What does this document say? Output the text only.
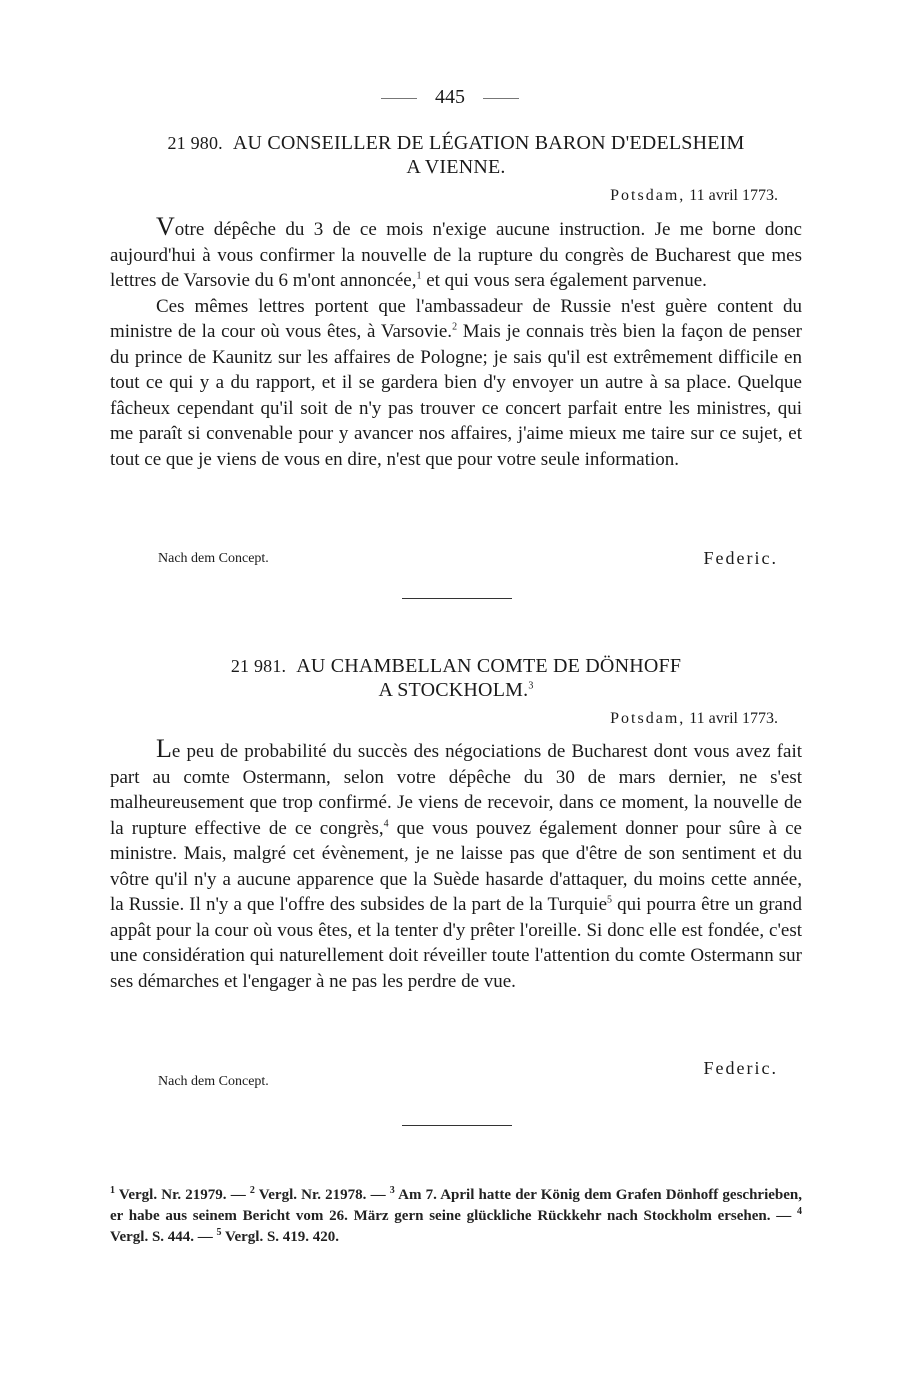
445
21 980. AU CONSEILLER DE LÉGATION BARON D'EDELSHEIM
A VIENNE.
Potsdam, 11 avril 1773.

Votre dépêche du 3 de ce mois n'exige aucune instruction. Je me borne donc aujourd'hui à vous confirmer la nouvelle de la rupture du congrès de Bucharest que mes lettres de Varsovie du 6 m'ont annoncée,$^1$ et qui vous sera également parvenue.

Ces mêmes lettres portent que l'ambassadeur de Russie n'est guère content du ministre de la cour où vous êtes, à Varsovie.$^2$ Mais je connais très bien la façon de penser du prince de Kaunitz sur les affaires de Pologne; je sais qu'il est extrêmement difficile en tout ce qui y a du rapport, et il se gardera bien d'y envoyer un autre à sa place. Quelque fâcheux cependant qu'il soit de n'y pas trouver ce concert parfait entre les ministres, qui me paraît si convenable pour y avancer nos affaires, j'aime mieux me taire sur ce sujet, et tout ce que je viens de vous en dire, n'est que pour votre seule information.

Nach dem Concept.	Federic.
21 981. AU CHAMBELLAN COMTE DE DÖNHOFF
A STOCKHOLM.$^3$
Potsdam, 11 avril 1773.

Le peu de probabilité du succès des négociations de Bucharest dont vous avez fait part au comte Ostermann, selon votre dépêche du 30 de mars dernier, ne s'est malheureusement que trop confirmé. Je viens de recevoir, dans ce moment, la nouvelle de la rupture effective de ce congrès,$^4$ que vous pouvez également donner pour sûre à ce ministre. Mais, malgré cet évènement, je ne laisse pas que d'être de son sentiment et du vôtre qu'il n'y a aucune apparence que la Suède hasarde d'attaquer, du moins cette année, la Russie. Il n'y a que l'offre des subsides de la part de la Turquie$^5$ qui pourra être un grand appât pour la cour où vous êtes, et la tenter d'y prêter l'oreille. Si donc elle est fondée, c'est une considération qui naturellement doit réveiller toute l'attention du comte Ostermann sur ses démarches et l'engager à ne pas les perdre de vue.

Nach dem Concept.
Federic.
$^1$ Vergl. Nr. 21979. — $^2$ Vergl. Nr. 21978. — $^3$ Am 7. April hatte der König dem Grafen Dönhoff geschrieben, er habe aus seinem Bericht vom 26. März gern seine glückliche Rückkehr nach Stockholm ersehen. — $^4$ Vergl. S. 444. — $^5$ Vergl. S. 419. 420.
